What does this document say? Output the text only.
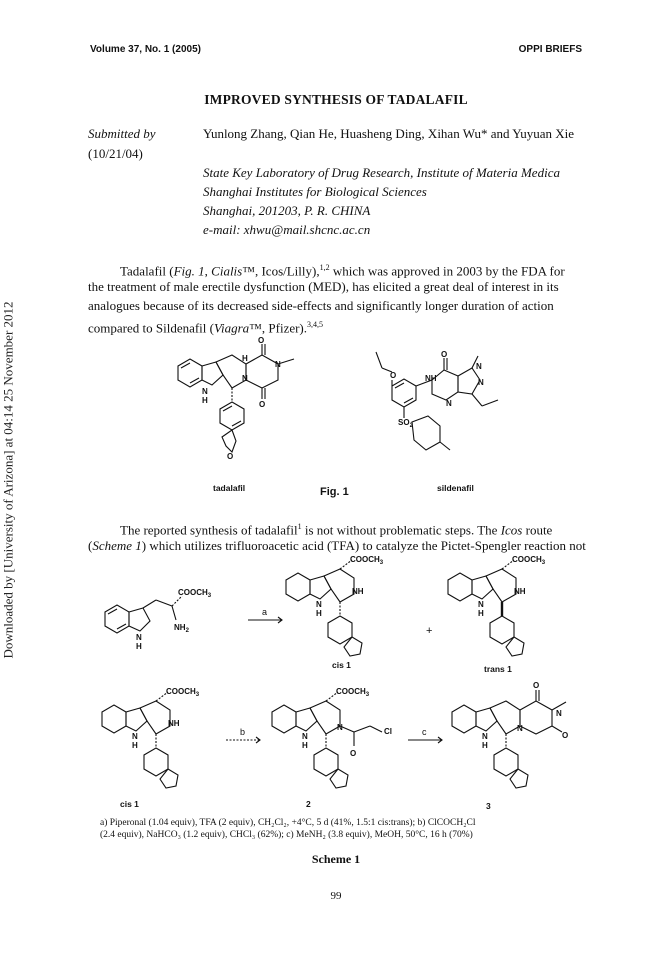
Volume 37, No. 1 (2005)	OPPI BRIEFS
Downloaded by [University of Arizona] at 04:14 25 November 2012
IMPROVED SYNTHESIS OF TADALAFIL
Submitted by
(10/21/04)
Yunlong Zhang, Qian He, Huasheng Ding, Xihan Wu* and Yuyuan Xie
State Key Laboratory of Drug Research, Institute of Materia Medica
Shanghai Institutes for Biological Sciences
Shanghai, 201203, P. R. CHINA
e-mail: xhwu@mail.shcnc.ac.cn
Tadalafil (Fig. 1, Cialis™, Icos/Lilly),$^{1,2}$ which was approved in 2003 by the FDA for
the treatment of male erectile dysfunction (MED), has elicited a great deal of interest in its
analogues because of its decreased side-effects and significantly longer duration of action
compared to Sildenafil (Viagra™, Pfizer).$^{3,4,5}$
O
H
N
N
N
H	O
O
O
O	NH
N
N
N
$SO_2$
tadalafil	sildenafil
Fig. 1
The reported synthesis of tadalafil$^1$ is not without problematic steps. The Icos route
(Scheme 1) which utilizes trifluoroacetic acid (TFA) to catalyze the Pictet-Spengler reaction not
$COOCH_3$
$NH_2$
N
H
a
$COOCH_3$
NH
N
H
+
$COOCH_3$
NH
N
H
$COOCH_3$
NH
N
H
b
$COOCH_3$
N
O
Cl
N
H
c
O
N
N
O
N
H
cis 1	trans 1
cis 1	2	3
a) Piperonal (1.04 equiv), TFA (2 equiv), CH₂Cl₂, +4°C, 5 d (41%, 1.5:1 cis:trans); b) ClCOCH₂Cl
(2.4 equiv), NaHCO₃ (1.2 equiv), CHCl₃ (62%); c) MeNH₂ (3.8 equiv), MeOH, 50°C, 16 h (70%)
Scheme 1
99
